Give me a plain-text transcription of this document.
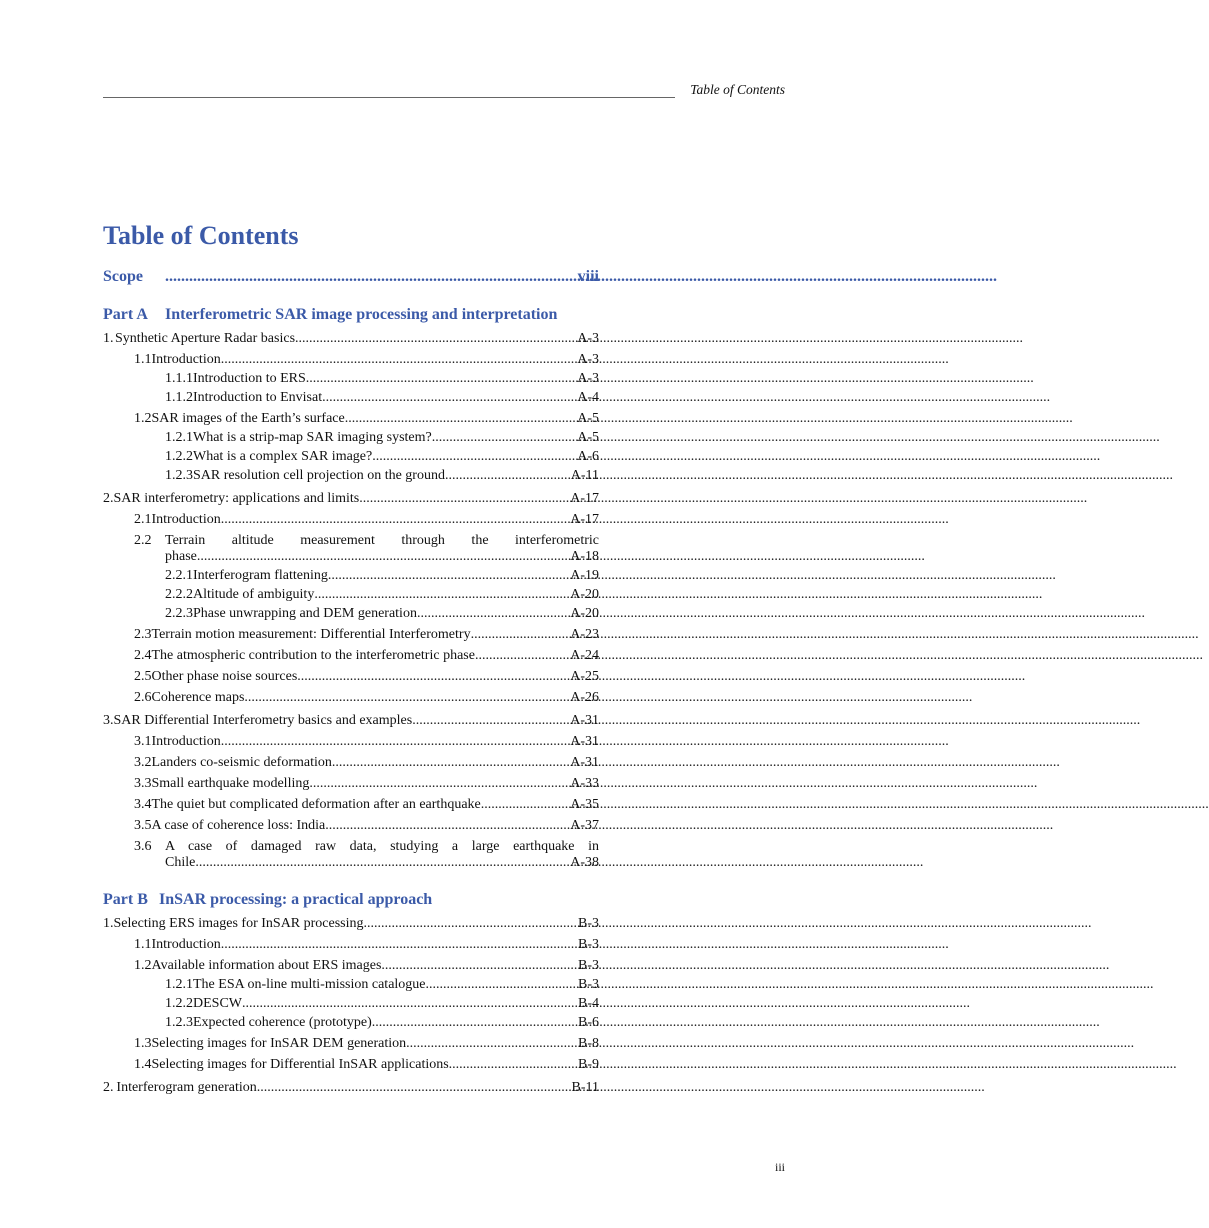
Table of Contents
Table of Contents
Scope .....	viii
Part A	Interferometric SAR image processing and interpretation
1. Synthetic Aperture Radar basics .....	A-3
1.1 Introduction .....	A-3
1.1.1 Introduction to ERS .....	A-3
1.1.2 Introduction to Envisat .....	A-4
1.2 SAR images of the Earth’s surface .....	A-5
1.2.1 What is a strip-map SAR imaging system? .....	A-5
1.2.2 What is a complex SAR image? .....	A-6
1.2.3 SAR resolution cell projection on the ground .....	A-11
2. SAR interferometry: applications and limits .....	A-17
2.1 Introduction .....	A-17
2.2 Terrain altitude measurement through the interferometric
phase .....	A-18
2.2.1 Interferogram flattening .....	A-19
2.2.2 Altitude of ambiguity .....	A-20
2.2.3 Phase unwrapping and DEM generation .....	A-20
2.3 Terrain motion measurement: Differential Interferometry .....	A-23
2.4 The atmospheric contribution to the interferometric phase .....	A-24
2.5 Other phase noise sources .....	A-25
2.6 Coherence maps .....	A-26
3. SAR Differential Interferometry basics and examples .....	A-31
3.1 Introduction .....	A-31
3.2 Landers co-seismic deformation .....	A-31
3.3 Small earthquake modelling .....	A-33
3.4 The quiet but complicated deformation after an earthquake .....	A-35
3.5 A case of coherence loss: India .....	A-37
3.6 A case of damaged raw data, studying a large earthquake in
Chile .....	A-38
Part B InSAR processing: a practical approach
1. Selecting ERS images for InSAR processing .....	B-3
1.1 Introduction .....	B-3
1.2 Available information about ERS images .....	B-3
1.2.1 The ESA on-line multi-mission catalogue .....	B-3
1.2.2 DESCW .....	B-4
1.2.3 Expected coherence (prototype) .....	B-6
1.3 Selecting images for InSAR DEM generation .....	B-8
1.4 Selecting images for Differential InSAR applications .....	B-9
2. Interferogram generation .....	B-11
iii
